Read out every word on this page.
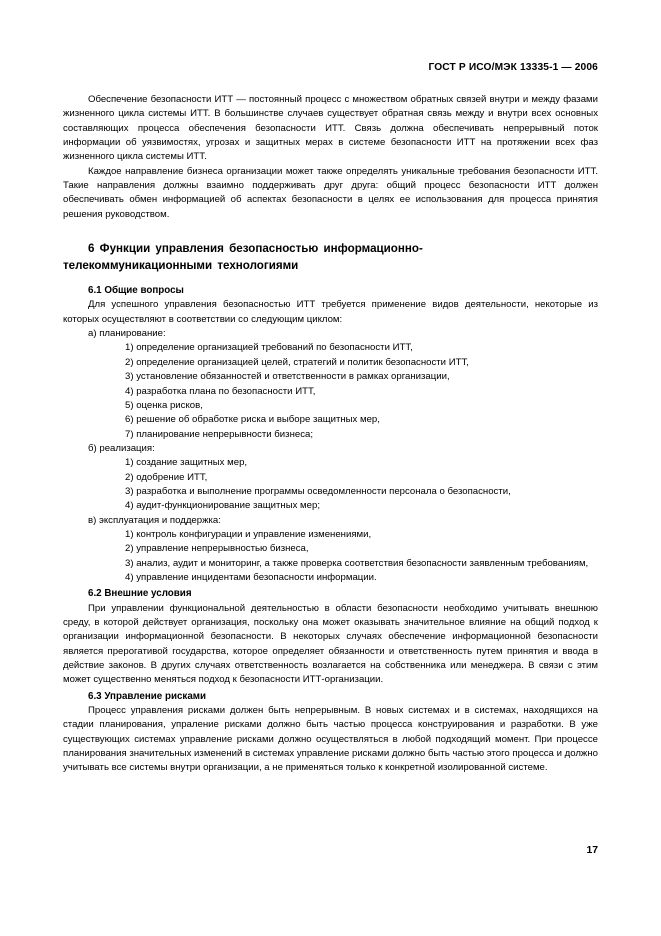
ГОСТ Р ИСО/МЭК 13335-1 — 2006

Обеспечение безопасности ИТТ — постоянный процесс с множеством обратных связей внутри и между фазами жизненного цикла системы ИТТ. В большинстве случаев существует обратная связь между и внутри всех основных составляющих процесса обеспечения безопасности ИТТ. Связь должна обеспечивать непрерывный поток информации об уязвимостях, угрозах и защитных мерах в системе безопасности ИТТ на протяжении всех фаз жизненного цикла системы ИТТ.

Каждое направление бизнеса организации может также определять уникальные требования безопасности ИТТ. Такие направления должны взаимно поддерживать друг друга: общий процесс безопасности ИТТ должен обеспечивать обмен информацией об аспектах безопасности в целях ее использования для процесса принятия решения руководством.

6 Функции управления безопасностью информационно-
телекоммуникационными технологиями
6.1 Общие вопросы

Для успешного управления безопасностью ИТТ требуется применение видов деятельности, некоторые из которых осуществляют в соответствии со следующим циклом:

а) планирование:

1) определение организацией требований по безопасности ИТТ,

2) определение организацией целей, стратегий и политик безопасности ИТТ,

3) установление обязанностей и ответственности в рамках организации,

4) разработка плана по безопасности ИТТ,

5) оценка рисков,

6) решение об обработке риска и выборе защитных мер,

7) планирование непрерывности бизнеса;

б) реализация:

1) создание защитных мер,

2) одобрение ИТТ,

3) разработка и выполнение программы осведомленности персонала о безопасности,

4) аудит-функционирование защитных мер;

в) эксплуатация и поддержка:

1) контроль конфигурации и управление изменениями,

2) управление непрерывностью бизнеса,

3) анализ, аудит и мониторинг, а также проверка соответствия безопасности заявленным требованиям,

4) управление инцидентами безопасности информации.

6.2 Внешние условия

При управлении функциональной деятельностью в области безопасности необходимо учитывать внешнюю среду, в которой действует организация, поскольку она может оказывать значительное влияние на общий подход к организации информационной безопасности. В некоторых случаях обеспечение информационной безопасности является прерогативой государства, которое определяет обязанности и ответственность путем принятия и ввода в действие законов. В других случаях ответственность возлагается на собственника или менеджера. В связи с этим может существенно меняться подход к безопасности ИТТ-организации.

6.3 Управление рисками

Процесс управления рисками должен быть непрерывным. В новых системах и в системах, находящихся на стадии планирования, упраление рисками должно быть частью процесса конструирования и разработки. В уже существующих системах управление рисками должно осуществляться в любой подходящий момент. При процессе планирования значительных изменений в системах управление рисками должно быть частью этого процесса и должно учитывать все системы внутри организации, а не применяться только к конкретной изолированной системе.

17
